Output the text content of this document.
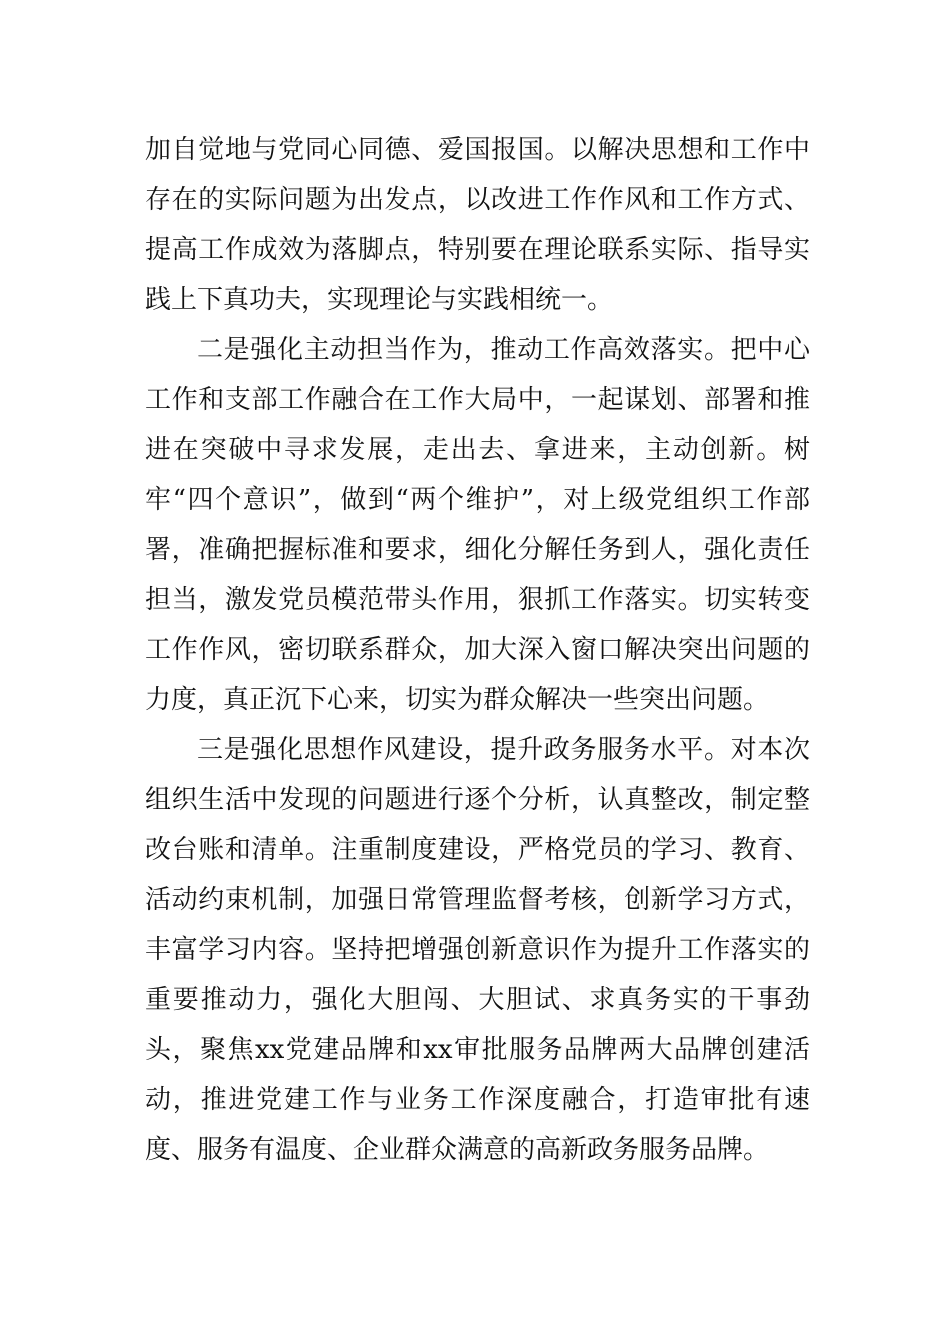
加自觉地与党同心同德、爱国报国。以解决思想和工作中存在的实际问题为出发点，以改进工作作风和工作方式、提高工作成效为落脚点，特别要在理论联系实际、指导实践上下真功夫，实现理论与实践相统一。

二是强化主动担当作为，推动工作高效落实。把中心工作和支部工作融合在工作大局中，一起谋划、部署和推进在突破中寻求发展，走出去、拿进来，主动创新。树牢“四个意识”，做到“两个维护”，对上级党组织工作部署，准确把握标准和要求，细化分解任务到人，强化责任担当，激发党员模范带头作用，狠抓工作落实。切实转变工作作风，密切联系群众，加大深入窗口解决突出问题的力度，真正沉下心来，切实为群众解决一些突出问题。

三是强化思想作风建设，提升政务服务水平。对本次组织生活中发现的问题进行逐个分析，认真整改，制定整改台账和清单。注重制度建设，严格党员的学习、教育、活动约束机制，加强日常管理监督考核，创新学习方式，丰富学习内容。坚持把增强创新意识作为提升工作落实的重要推动力，强化大胆闯、大胆试、求真务实的干事劲头，聚焦xx党建品牌和xx审批服务品牌两大品牌创建活动，推进党建工作与业务工作深度融合，打造审批有速度、服务有温度、企业群众满意的高新政务服务品牌。
